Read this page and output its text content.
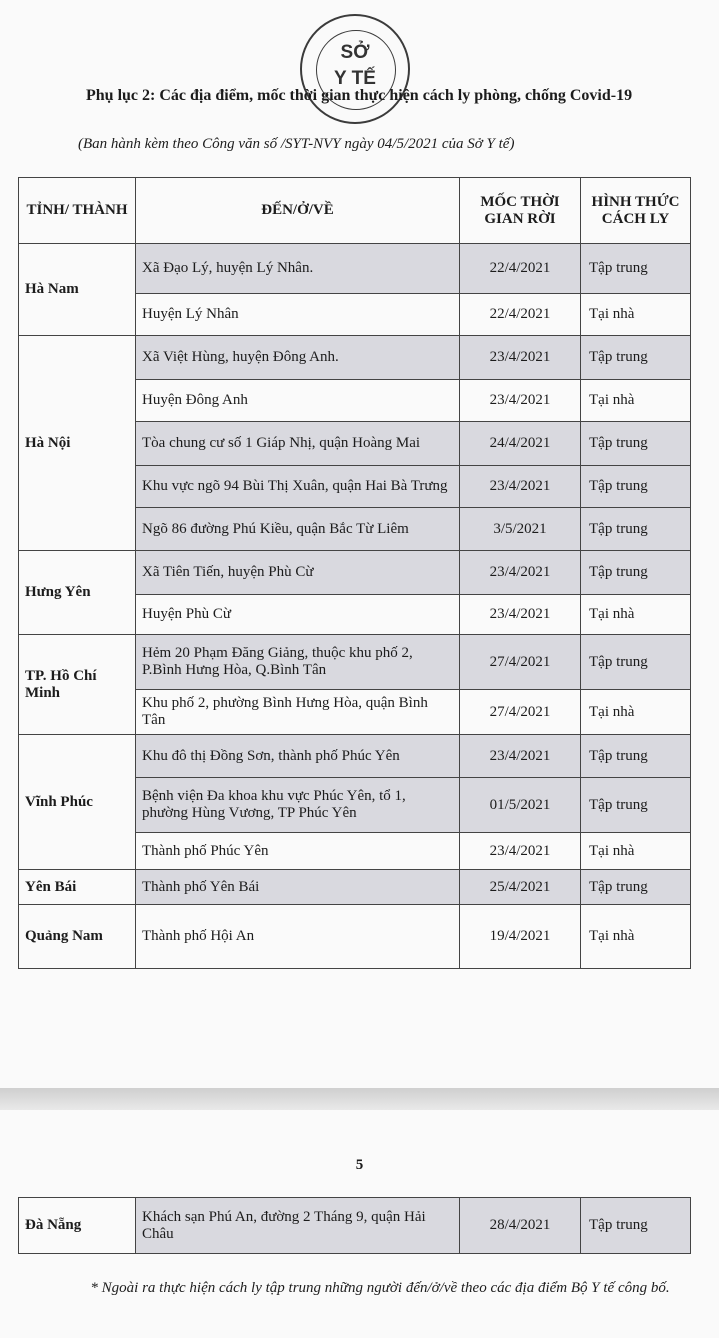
SỞ
Y TẾ
Phụ lục 2: Các địa điểm, mốc thời gian thực hiện cách ly phòng, chống Covid-19
(Ban hành kèm theo Công văn số /SYT-NVY ngày 04/5/2021 của Sở Y tế)
TỈNH/ THÀNH	ĐẾN/Ở/VỀ	MỐC THỜI GIAN RỜI	HÌNH THỨC CÁCH LY
Hà Nam	Xã Đạo Lý, huyện Lý Nhân.	22/4/2021	Tập trung
	Huyện Lý Nhân	22/4/2021	Tại nhà
Hà Nội	Xã Việt Hùng, huyện Đông Anh.	23/4/2021	Tập trung
	Huyện Đông Anh	23/4/2021	Tại nhà
	Tòa chung cư số 1 Giáp Nhị, quận Hoàng Mai	24/4/2021	Tập trung
	Khu vực ngõ 94 Bùi Thị Xuân, quận Hai Bà Trưng	23/4/2021	Tập trung
	Ngõ 86 đường Phú Kiều, quận Bắc Từ Liêm	3/5/2021	Tập trung
Hưng Yên	Xã Tiên Tiến, huyện Phù Cừ	23/4/2021	Tập trung
	Huyện Phù Cừ	23/4/2021	Tại nhà
TP. Hồ Chí Minh	Hẻm 20 Phạm Đăng Giảng, thuộc khu phố 2, P.Bình Hưng Hòa, Q.Bình Tân	27/4/2021	Tập trung
	Khu phố 2, phường Bình Hưng Hòa, quận Bình Tân	27/4/2021	Tại nhà
Vĩnh Phúc	Khu đô thị Đồng Sơn, thành phố Phúc Yên	23/4/2021	Tập trung
	Bệnh viện Đa khoa khu vực Phúc Yên, tổ 1, phường Hùng Vương, TP Phúc Yên	01/5/2021	Tập trung
	Thành phố Phúc Yên	23/4/2021	Tại nhà
Yên Bái	Thành phố Yên Bái	25/4/2021	Tập trung
Quảng Nam	Thành phố Hội An	19/4/2021	Tại nhà
5
Đà Nẵng	Khách sạn Phú An, đường 2 Tháng 9, quận Hải Châu	28/4/2021	Tập trung
* Ngoài ra thực hiện cách ly tập trung những người đến/ở/về theo các địa điểm Bộ Y tế công bố.
